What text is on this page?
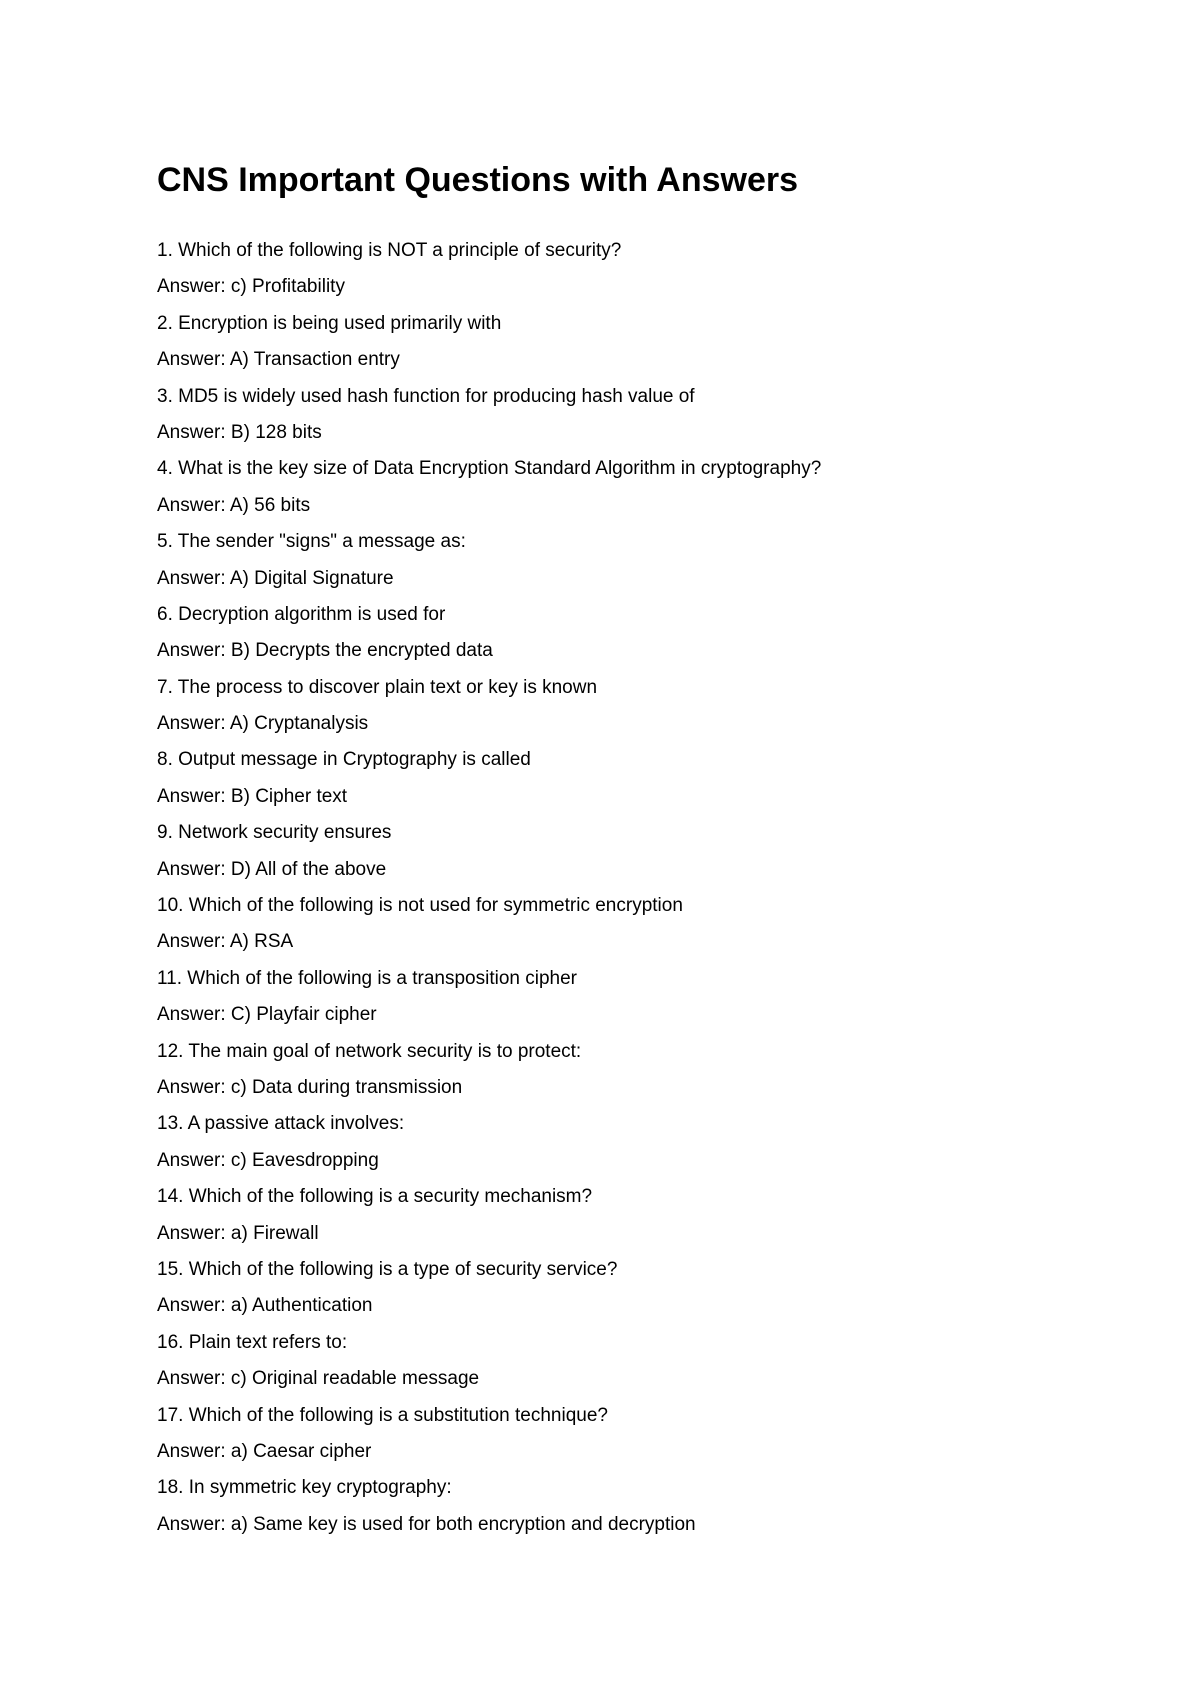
CNS Important Questions with Answers
1. Which of the following is NOT a principle of security?
Answer: c) Profitability
2. Encryption is being used primarily with
Answer: A) Transaction entry
3. MD5 is widely used hash function for producing hash value of
Answer: B) 128 bits
4. What is the key size of Data Encryption Standard Algorithm in cryptography?
Answer: A) 56 bits
5. The sender "signs" a message as:
Answer: A) Digital Signature
6. Decryption algorithm is used for
Answer: B) Decrypts the encrypted data
7. The process to discover plain text or key is known
Answer: A) Cryptanalysis
8. Output message in Cryptography is called
Answer: B) Cipher text
9. Network security ensures
Answer: D) All of the above
10. Which of the following is not used for symmetric encryption
Answer: A) RSA
11. Which of the following is a transposition cipher
Answer: C) Playfair cipher
12. The main goal of network security is to protect:
Answer: c) Data during transmission
13. A passive attack involves:
Answer: c) Eavesdropping
14. Which of the following is a security mechanism?
Answer: a) Firewall
15. Which of the following is a type of security service?
Answer: a) Authentication
16. Plain text refers to:
Answer: c) Original readable message
17. Which of the following is a substitution technique?
Answer: a) Caesar cipher
18. In symmetric key cryptography:
Answer: a) Same key is used for both encryption and decryption
